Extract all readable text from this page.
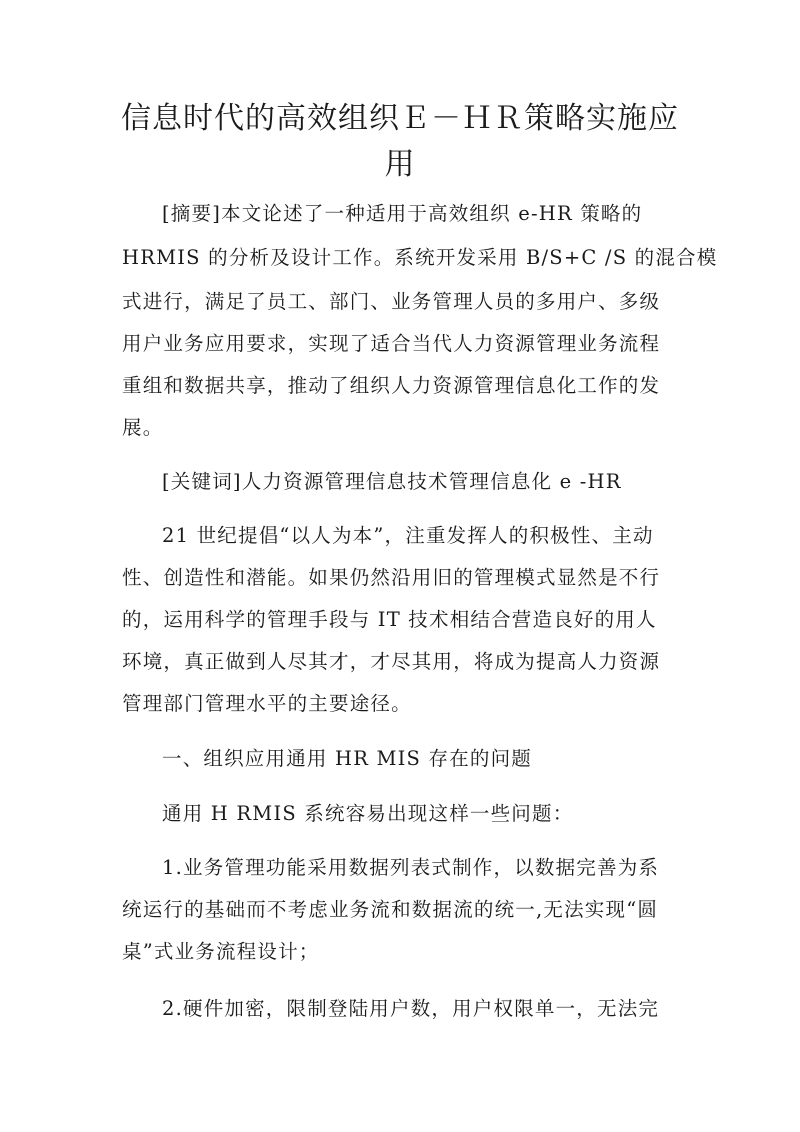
信息时代的高效组织Ｅ－ＨＲ策略实施应
用

[摘要]本文论述了一种适用于高效组织 e-HR 策略的

HRMIS 的分析及设计工作。系统开发采用 B/S+C /S 的混合模

式进行，满足了员工、部门、业务管理人员的多用户、多级

用户业务应用要求，实现了适合当代人力资源管理业务流程

重组和数据共享，推动了组织人力资源管理信息化工作的发

展。

[关键词]人力资源管理信息技术管理信息化 e -HR

21 世纪提倡“以人为本”，注重发挥人的积极性、主动

性、创造性和潜能。如果仍然沿用旧的管理模式显然是不行

的，运用科学的管理手段与 IT 技术相结合营造良好的用人

环境，真正做到人尽其才，才尽其用，将成为提高人力资源

管理部门管理水平的主要途径。

一、组织应用通用 HR MIS 存在的问题

通用 H RMIS 系统容易出现这样一些问题：

1.业务管理功能采用数据列表式制作，以数据完善为系

统运行的基础而不考虑业务流和数据流的统一,无法实现“圆

桌”式业务流程设计；

2.硬件加密，限制登陆用户数，用户权限单一，无法完
